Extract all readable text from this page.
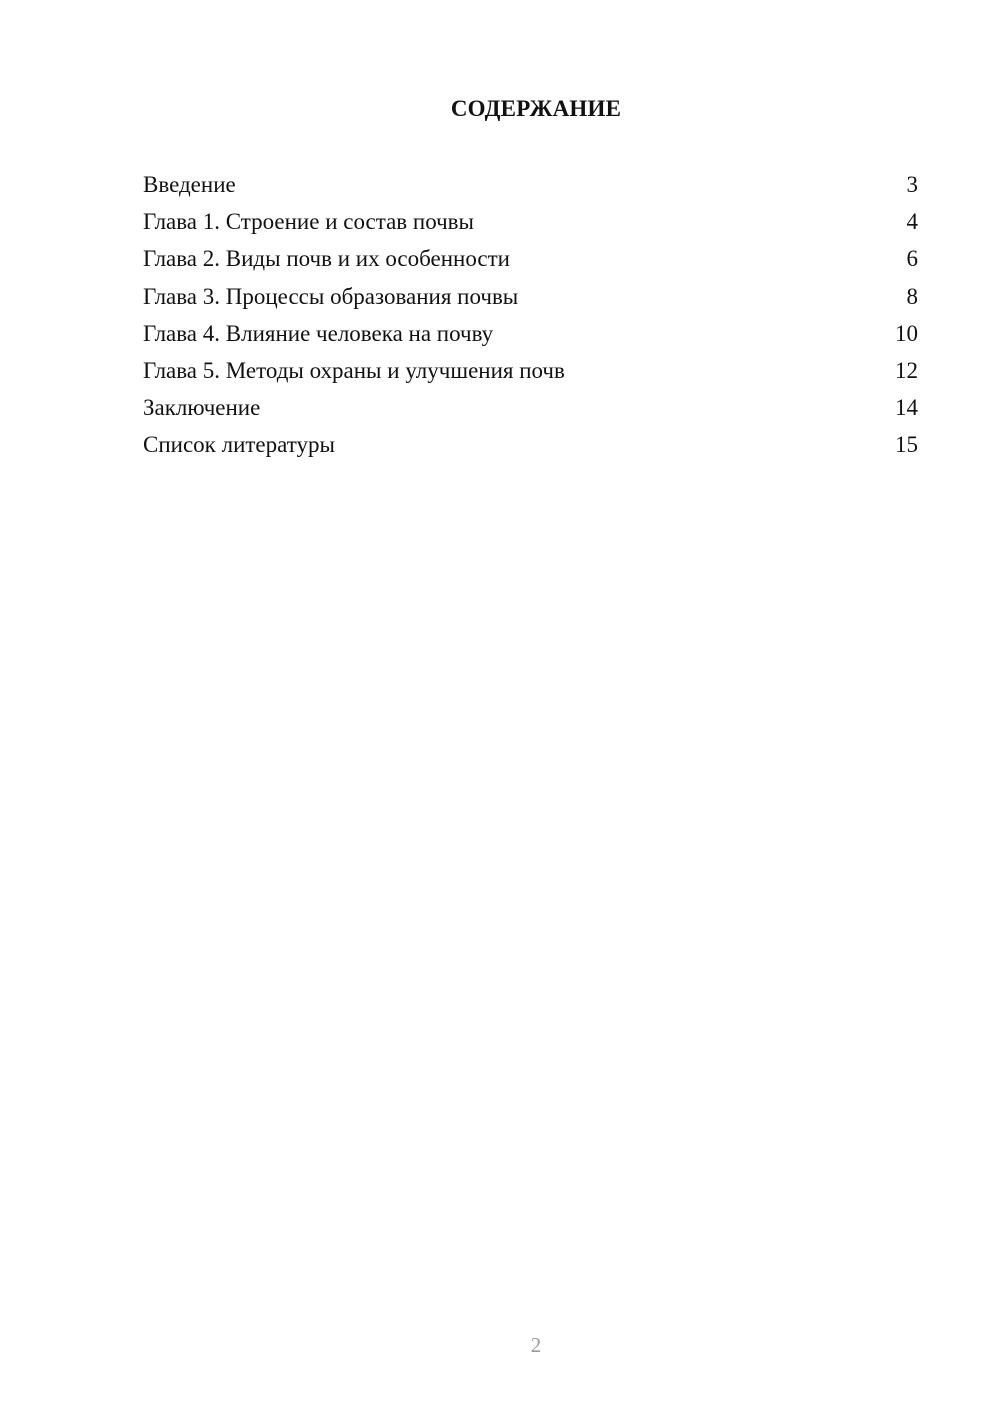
СОДЕРЖАНИЕ
Введение	3
Глава 1. Строение и состав почвы	4
Глава 2. Виды почв и их особенности	6
Глава 3. Процессы образования почвы	8
Глава 4. Влияние человека на почву	10
Глава 5. Методы охраны и улучшения почв	12
Заключение	14
Список литературы	15
2
